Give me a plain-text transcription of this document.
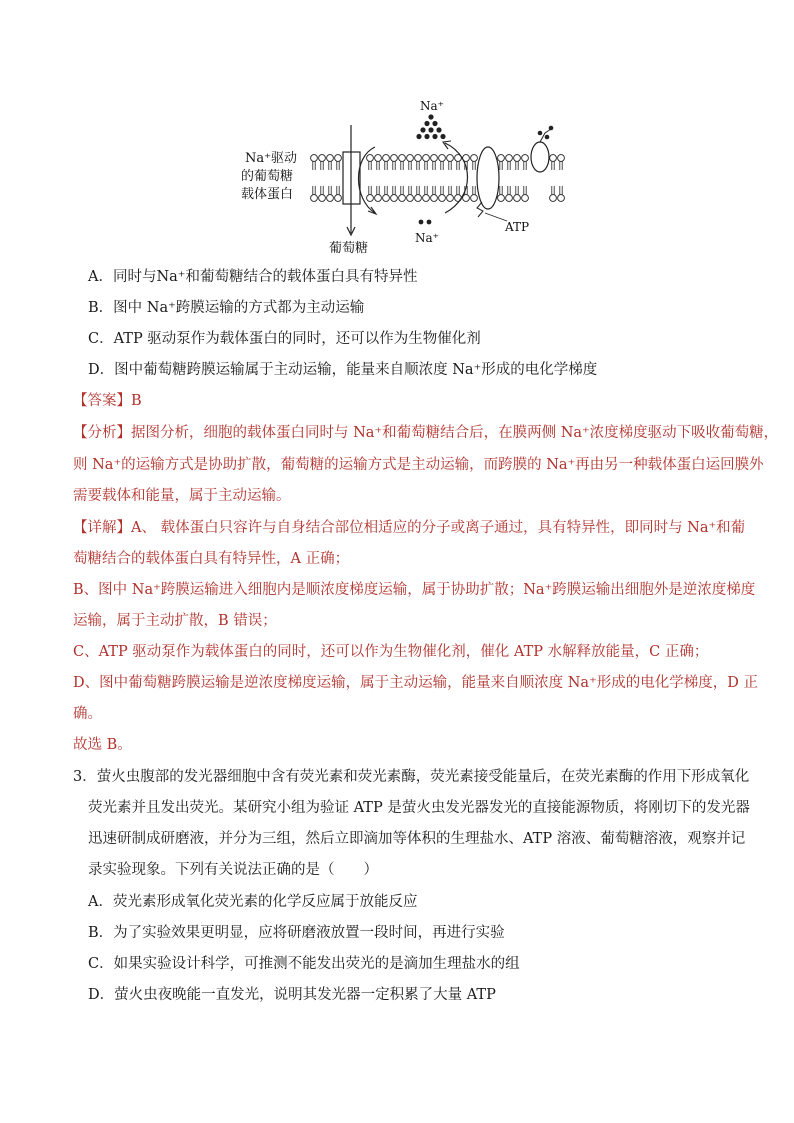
Na⁺
Na⁺
Na⁺驱动
的葡萄糖
载体蛋白
葡萄糖
ATP
A．同时与Na⁺和葡萄糖结合的载体蛋白具有特异性
B．图中 Na⁺跨膜运输的方式都为主动运输
C．ATP 驱动泵作为载体蛋白的同时，还可以作为生物催化剂
D．图中葡萄糖跨膜运输属于主动运输，能量来自顺浓度 Na⁺形成的电化学梯度
【答案】B
【分析】据图分析，细胞的载体蛋白同时与 Na⁺和葡萄糖结合后，在膜两侧 Na⁺浓度梯度驱动下吸收葡萄糖，
则 Na⁺的运输方式是协助扩散，葡萄糖的运输方式是主动运输，而跨膜的 Na⁺再由另一种载体蛋白运回膜外
需要载体和能量，属于主动运输。
【详解】A、 载体蛋白只容许与自身结合部位相适应的分子或离子通过，具有特异性，即同时与 Na⁺和葡
萄糖结合的载体蛋白具有特异性，A 正确；
B、图中 Na⁺跨膜运输进入细胞内是顺浓度梯度运输，属于协助扩散；Na⁺跨膜运输出细胞外是逆浓度梯度
运输，属于主动扩散，B 错误；
C、ATP 驱动泵作为载体蛋白的同时，还可以作为生物催化剂，催化 ATP 水解释放能量，C 正确；
D、图中葡萄糖跨膜运输是逆浓度梯度运输，属于主动运输，能量来自顺浓度 Na⁺形成的电化学梯度，D 正
确。
故选 B。
3．萤火虫腹部的发光器细胞中含有荧光素和荧光素酶，荧光素接受能量后，在荧光素酶的作用下形成氧化
荧光素并且发出荧光。某研究小组为验证 ATP 是萤火虫发光器发光的直接能源物质，将刚切下的发光器
迅速研制成研磨液，并分为三组，然后立即滴加等体积的生理盐水、ATP 溶液、葡萄糖溶液，观察并记
录实验现象。下列有关说法正确的是（　　）
A．荧光素形成氧化荧光素的化学反应属于放能反应
B．为了实验效果更明显，应将研磨液放置一段时间，再进行实验
C．如果实验设计科学，可推测不能发出荧光的是滴加生理盐水的组
D．萤火虫夜晚能一直发光，说明其发光器一定积累了大量 ATP
